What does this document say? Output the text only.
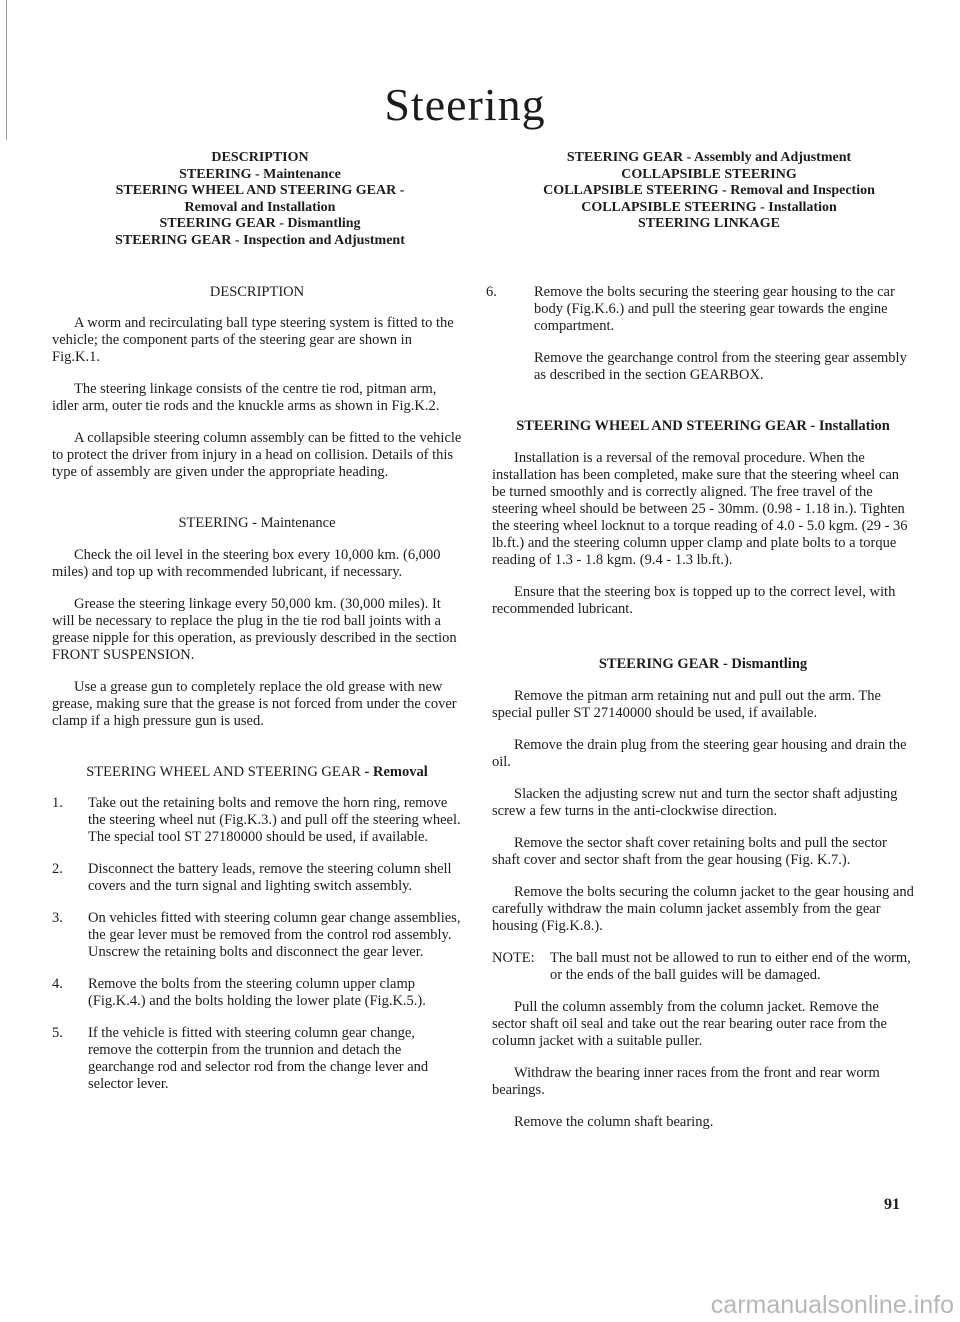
Steering
DESCRIPTION
STEERING - Maintenance
STEERING WHEEL AND STEERING GEAR -
Removal and Installation
STEERING GEAR - Dismantling
STEERING GEAR - Inspection and Adjustment
DESCRIPTION

A worm and recirculating ball type steering system is fitted to the vehicle; the component parts of the steering gear are shown in Fig.K.1.

The steering linkage consists of the centre tie rod, pitman arm, idler arm, outer tie rods and the knuckle arms as shown in Fig.K.2.

A collapsible steering column assembly can be fitted to the vehicle to protect the driver from injury in a head on collision. Details of this type of assembly are given under the appropriate heading.

STEERING - Maintenance

Check the oil level in the steering box every 10,000 km. (6,000 miles) and top up with recommended lubricant, if necessary.

Grease the steering linkage every 50,000 km. (30,000 miles). It will be necessary to replace the plug in the tie rod ball joints with a grease nipple for this operation, as previously described in the section FRONT SUSPENSION.

Use a grease gun to completely replace the old grease with new grease, making sure that the grease is not forced from under the cover clamp if a high pressure gun is used.

STEERING WHEEL AND STEERING GEAR - Removal
1. Take out the retaining bolts and remove the horn ring, remove the steering wheel nut (Fig.K.3.) and pull off the steering wheel. The special tool ST 27180000 should be used, if available.
2. Disconnect the battery leads, remove the steering column shell covers and the turn signal and lighting switch assembly.
3. On vehicles fitted with steering column gear change assemblies, the gear lever must be removed from the control rod assembly. Unscrew the retaining bolts and disconnect the gear lever.
4. Remove the bolts from the steering column upper clamp (Fig.K.4.) and the bolts holding the lower plate (Fig.K.5.).
5. If the vehicle is fitted with steering column gear change, remove the cotterpin from the trunnion and detach the gearchange rod and selector rod from the change lever and selector lever.
STEERING GEAR - Assembly and Adjustment
COLLAPSIBLE STEERING
COLLAPSIBLE STEERING - Removal and Inspection
COLLAPSIBLE STEERING - Installation
STEERING LINKAGE
6.	Remove the bolts securing the steering gear housing to the car body (Fig.K.6.) and pull the steering gear towards the engine compartment.

Remove the gearchange control from the steering gear assembly as described in the section GEARBOX.

STEERING WHEEL AND STEERING GEAR - Installation

Installation is a reversal of the removal procedure. When the installation has been completed, make sure that the steering wheel can be turned smoothly and is correctly aligned. The free travel of the steering wheel should be between 25 - 30mm. (0.98 - 1.18 in.). Tighten the steering wheel locknut to a torque reading of 4.0 - 5.0 kgm. (29 - 36 lb.ft.) and the steering column upper clamp and plate bolts to a torque reading of 1.3 - 1.8 kgm. (9.4 - 1.3 lb.ft.).

Ensure that the steering box is topped up to the correct level, with recommended lubricant.

STEERING GEAR - Dismantling

Remove the pitman arm retaining nut and pull out the arm. The special puller ST 27140000 should be used, if available.

Remove the drain plug from the steering gear housing and drain the oil.

Slacken the adjusting screw nut and turn the sector shaft adjusting screw a few turns in the anti-clockwise direction.

Remove the sector shaft cover retaining bolts and pull the sector shaft cover and sector shaft from the gear housing (Fig. K.7.).

Remove the bolts securing the column jacket to the gear housing and carefully withdraw the main column jacket assembly from the gear housing (Fig.K.8.).

NOTE: The ball must not be allowed to run to either end of the worm, or the ends of the ball guides will be damaged.

Pull the column assembly from the column jacket. Remove the sector shaft oil seal and take out the rear bearing outer race from the column jacket with a suitable puller.

Withdraw the bearing inner races from the front and rear worm bearings.

Remove the column shaft bearing.

91
carmanualsonline.info
